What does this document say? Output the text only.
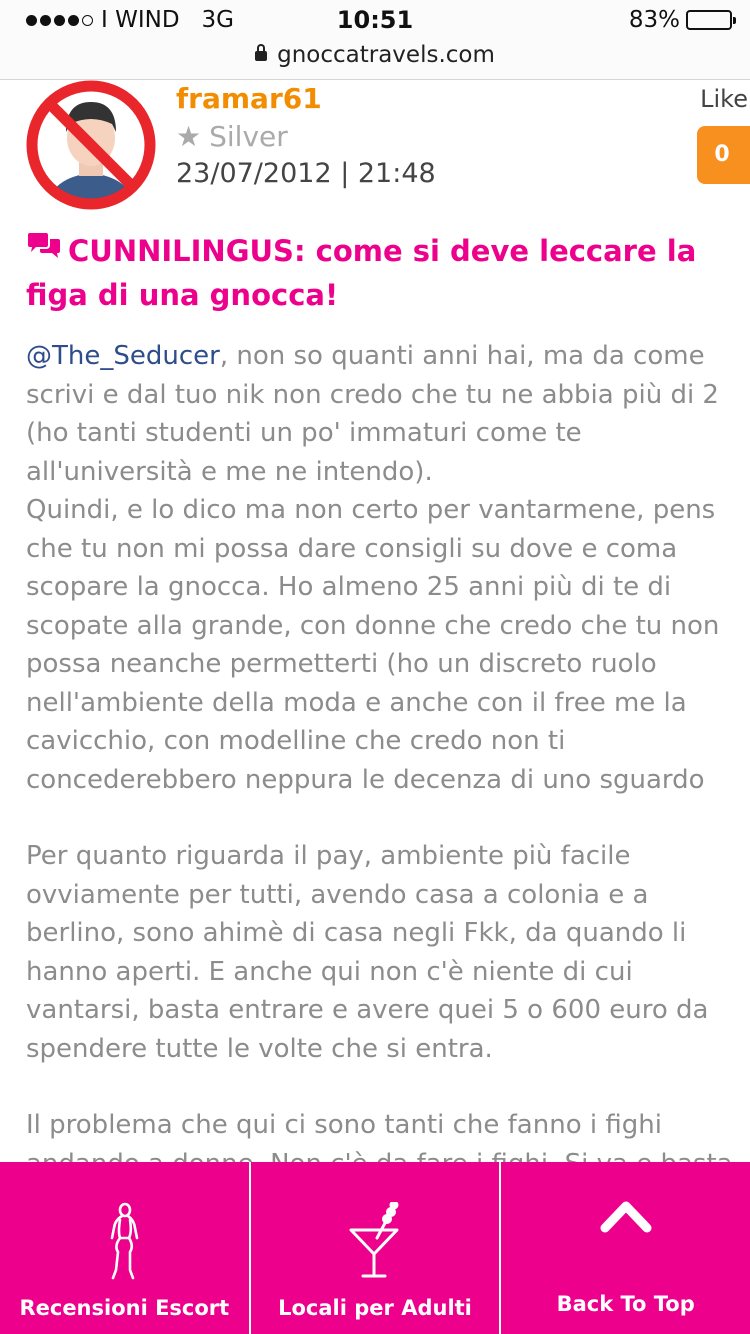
I WIND 3G	10:51	83%
gnoccatravels.com
framar61
★ Silver
23/07/2012 | 21:48
Like
0
CUNNILINGUS: come si deve leccare la figa di una gnocca!

@The_Seducer, non so quanti anni hai, ma da come
scrivi e dal tuo nik non credo che tu ne abbia più di 2
(ho tanti studenti un po' immaturi come te
all'università e me ne intendo).
Quindi, e lo dico ma non certo per vantarmene, pens
che tu non mi possa dare consigli su dove e coma
scopare la gnocca. Ho almeno 25 anni più di te di
scopate alla grande, con donne che credo che tu non
possa neanche permetterti (ho un discreto ruolo
nell'ambiente della moda e anche con il free me la
cavicchio, con modelline che credo non ti
concederebbero neppura le decenza di uno sguardo

Per quanto riguarda il pay, ambiente più facile
ovviamente per tutti, avendo casa a colonia e a
berlino, sono ahimè di casa negli Fkk, da quando li
hanno aperti. E anche qui non c'è niente di cui
vantarsi, basta entrare e avere quei 5 o 600 euro da
spendere tutte le volte che si entra.

Il problema che qui ci sono tanti che fanno i fighi

Recensioni Escort Locali per Adulti	Back To Top
